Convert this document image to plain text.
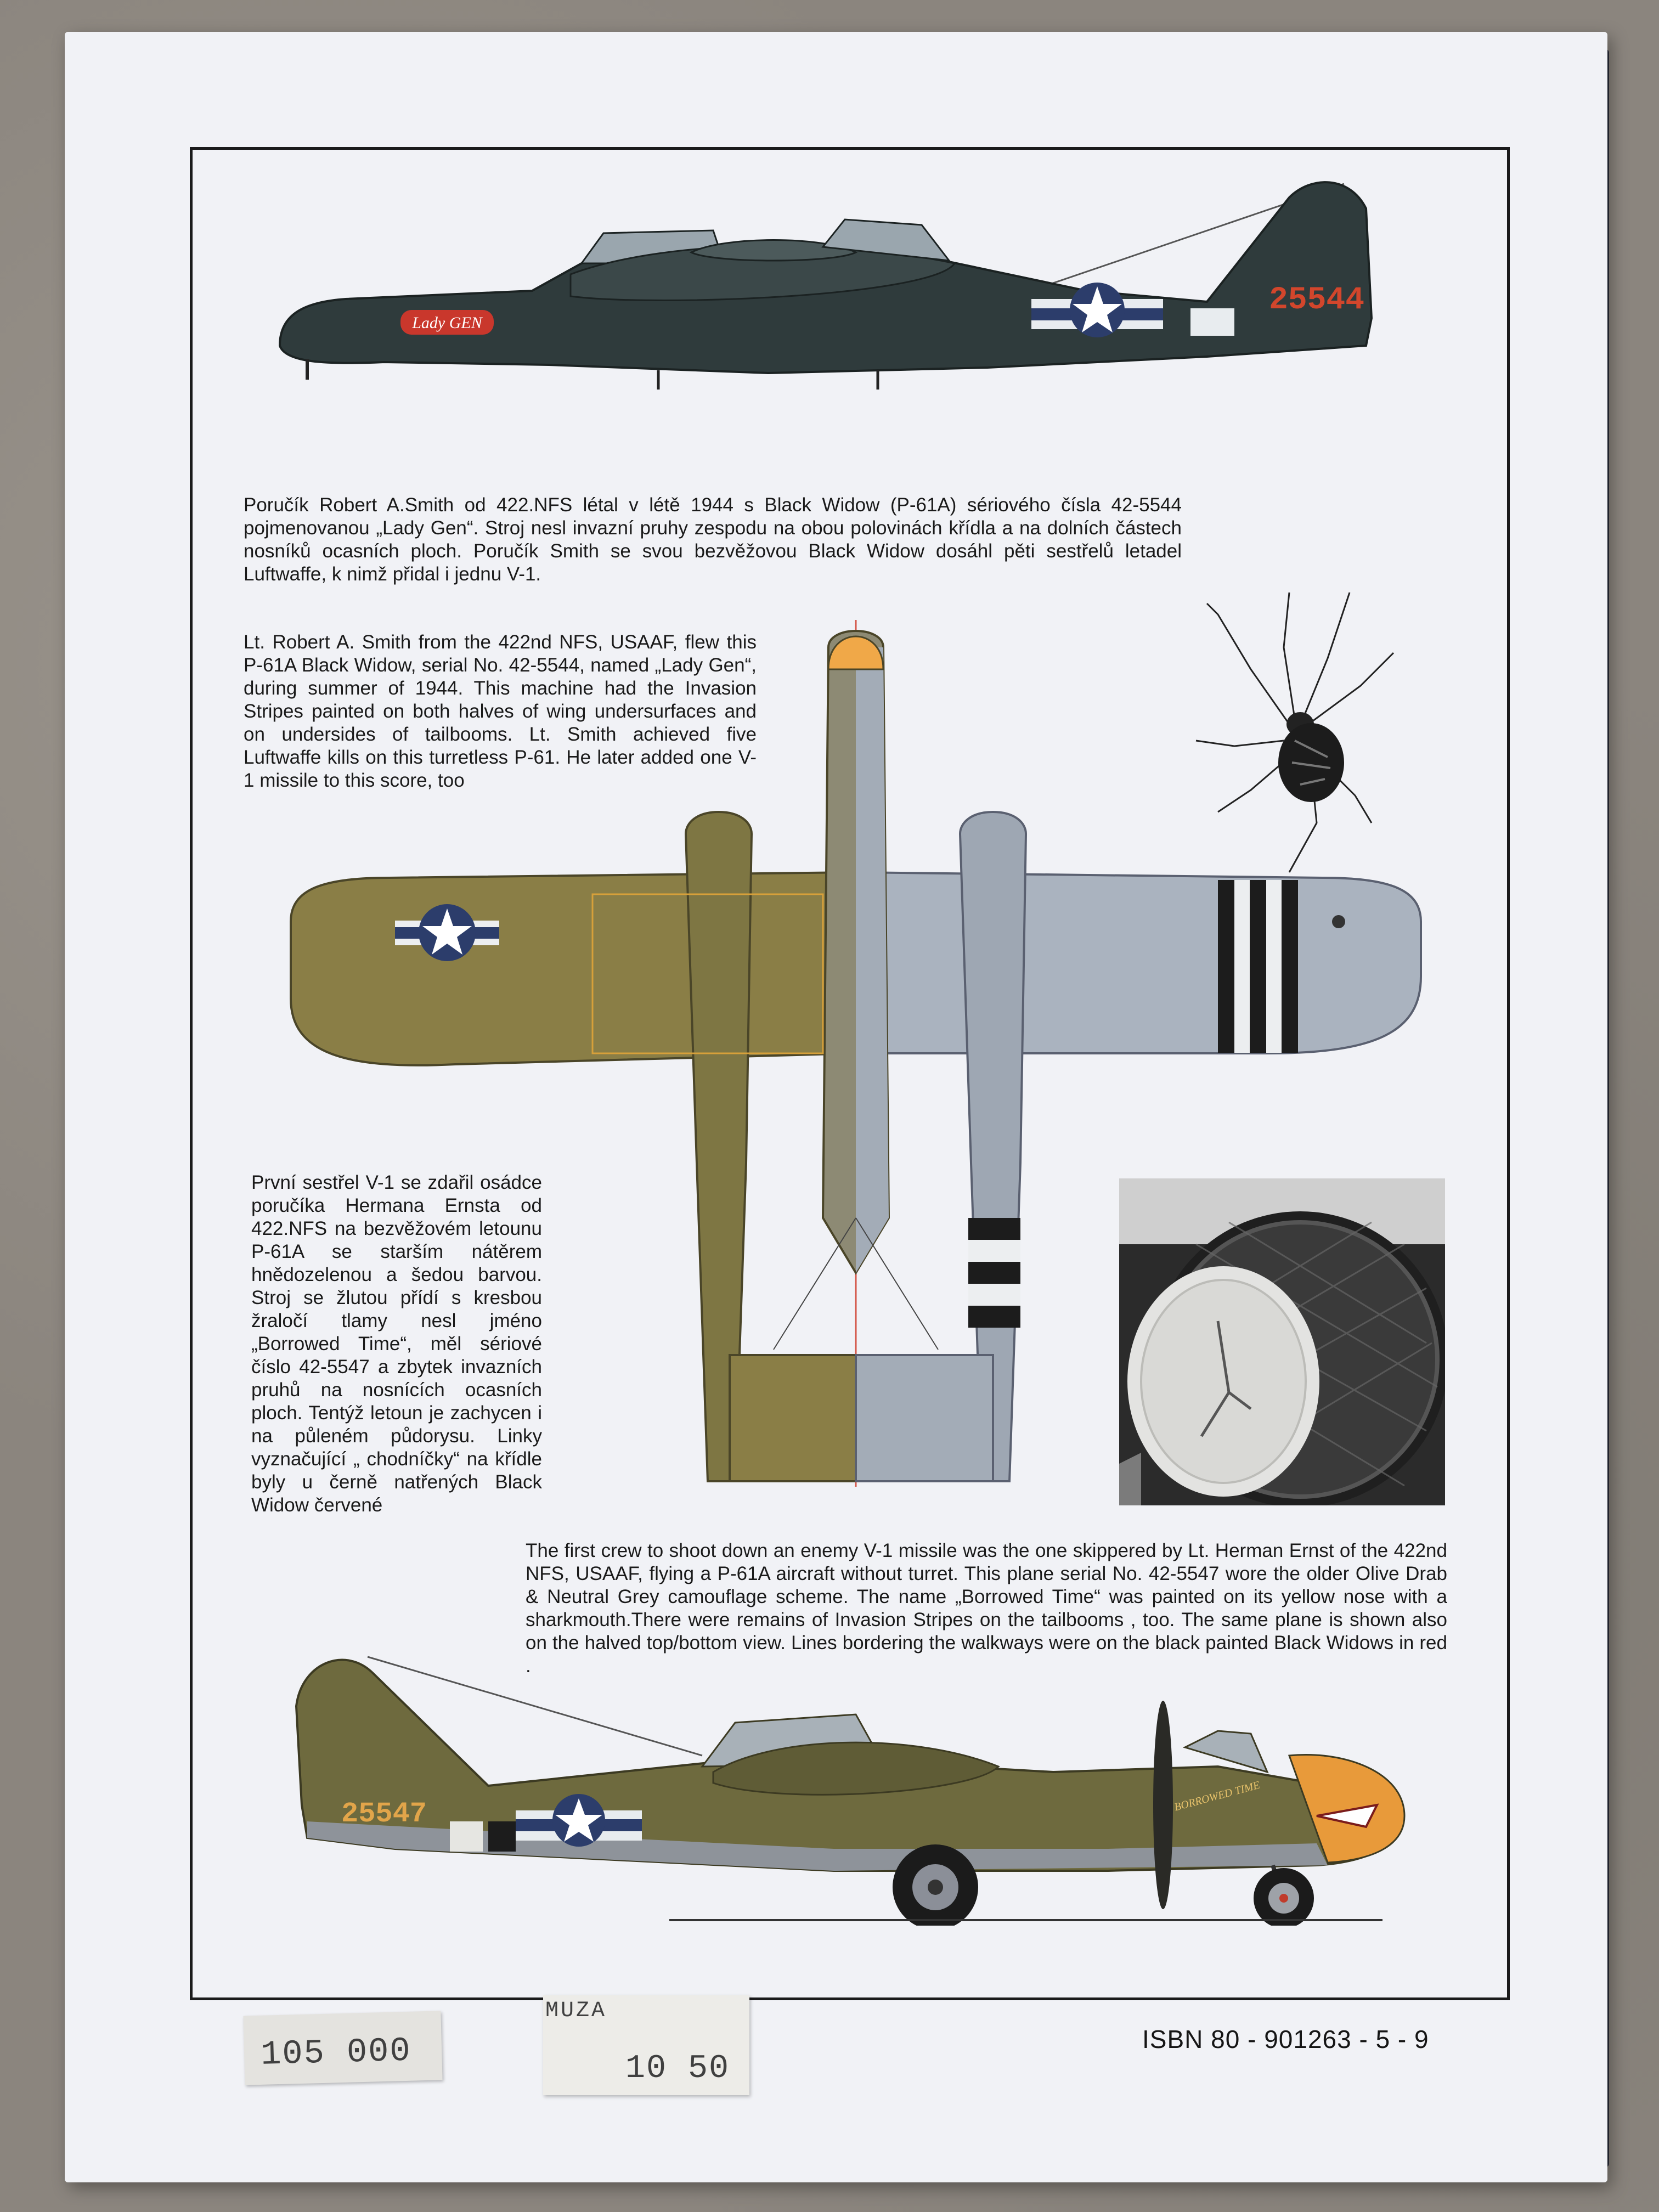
Lady GEN
25544

Poručík Robert A.Smith od 422.NFS létal v létě 1944 s Black Widow (P-61A) sériového čísla 42-5544 pojmenovanou „Lady Gen“. Stroj nesl invazní pruhy zespodu na obou polovinách křídla a na dolních částech nosníků ocasních ploch. Poručík Smith se svou bezvěžovou Black Widow dosáhl pěti sestřelů letadel Luftwaffe, k nimž přidal i jednu V-1.

Lt. Robert A. Smith from the 422nd NFS, USAAF, flew this P-61A Black Widow, serial No. 42-5544, named „Lady Gen“, during summer of 1944. This machine had the Invasion Stripes painted on both halves of wing undersurfaces and on undersides of tailbooms. Lt. Smith achieved five Luftwaffe kills on this turretless P-61. He later added one V-1 missile to this score, too

První sestřel V-1 se zdařil osádce poručíka Hermana Ernsta od 422.NFS na bezvěžovém letounu P-61A se starším nátěrem hnědozelenou a šedou barvou. Stroj se žlutou přídí s kresbou žraločí tlamy nesl jméno „Borrowed Time“, měl sériové číslo 42-5547 a zbytek invazních pruhů na nosnících ocasních ploch. Tentýž letoun je zachycen i na půleném půdorysu. Linky vyznačující „ chodníčky“ na křídle byly u černě natřených Black Widow červené

The first crew to shoot down an enemy V-1 missile was the one skippered by Lt. Herman Ernst of the 422nd NFS, USAAF, flying a P-61A aircraft without turret. This plane serial No. 42-5547 wore the older Olive Drab & Neutral Grey camouflage scheme. The name „Borrowed Time“ was painted on its yellow nose with a sharkmouth.There were remains of Invasion Stripes on the tailbooms , too. The same plane is shown also on the halved top/bottom view. Lines bordering the walkways were on the black painted Black Widows in red .

BORROWED TIME
25547
105 000
MUZA
10 50
ISBN 80 - 901263 - 5 - 9
